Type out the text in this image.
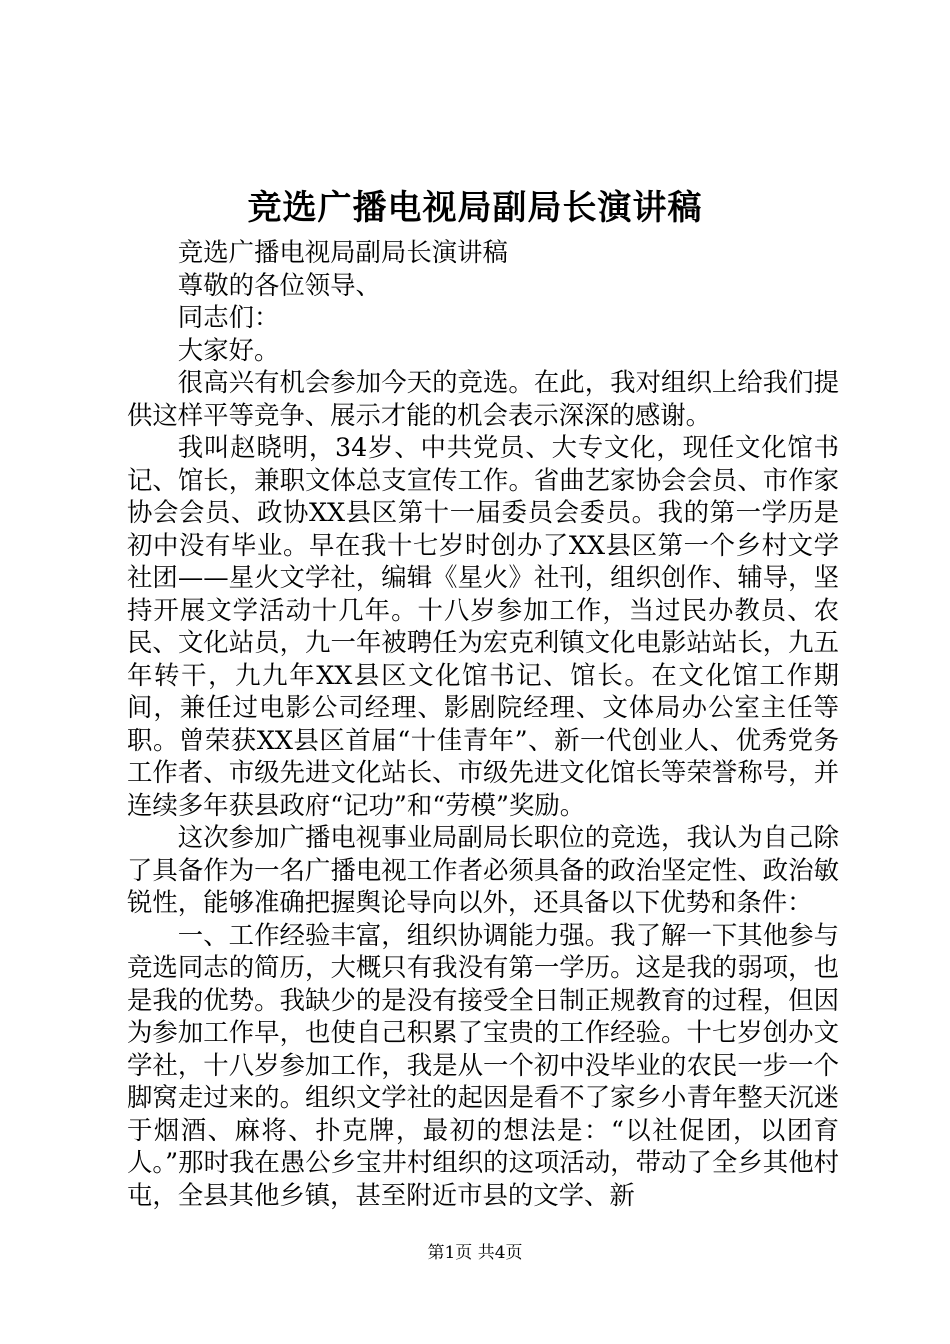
竞选广播电视局副局长演讲稿

竞选广播电视局副局长演讲稿

尊敬的各位领导、

同志们：

大家好。

很高兴有机会参加今天的竞选。在此，我对组织上给我们提供这样平等竞争、展示才能的机会表示深深的感谢。

我叫赵晓明，34岁、中共党员、大专文化，现任文化馆书记、馆长，兼职文体总支宣传工作。省曲艺家协会会员、市作家协会会员、政协XX县区第十一届委员会委员。我的第一学历是初中没有毕业。早在我十七岁时创办了XX县区第一个乡村文学社团——星火文学社，编辑《星火》社刊，组织创作、辅导，坚持开展文学活动十几年。十八岁参加工作，当过民办教员、农民、文化站员，九一年被聘任为宏克利镇文化电影站站长，九五年转干，九九年XX县区文化馆书记、馆长。在文化馆工作期间，兼任过电影公司经理、影剧院经理、文体局办公室主任等职。曾荣获XX县区首届“十佳青年”、新一代创业人、优秀党务工作者、市级先进文化站长、市级先进文化馆长等荣誉称号，并连续多年获县政府“记功”和“劳模”奖励。

这次参加广播电视事业局副局长职位的竞选，我认为自己除了具备作为一名广播电视工作者必须具备的政治坚定性、政治敏锐性，能够准确把握舆论导向以外，还具备以下优势和条件：

一、工作经验丰富，组织协调能力强。我了解一下其他参与竞选同志的简历，大概只有我没有第一学历。这是我的弱项，也是我的优势。我缺少的是没有接受全日制正规教育的过程，但因为参加工作早，也使自己积累了宝贵的工作经验。十七岁创办文学社，十八岁参加工作，我是从一个初中没毕业的农民一步一个脚窝走过来的。组织文学社的起因是看不了家乡小青年整天沉迷于烟酒、麻将、扑克牌，最初的想法是：“以社促团，以团育人。”那时我在愚公乡宝井村组织的这项活动，带动了全乡其他村屯，全县其他乡镇，甚至附近市县的文学、新

第1页 共4页
